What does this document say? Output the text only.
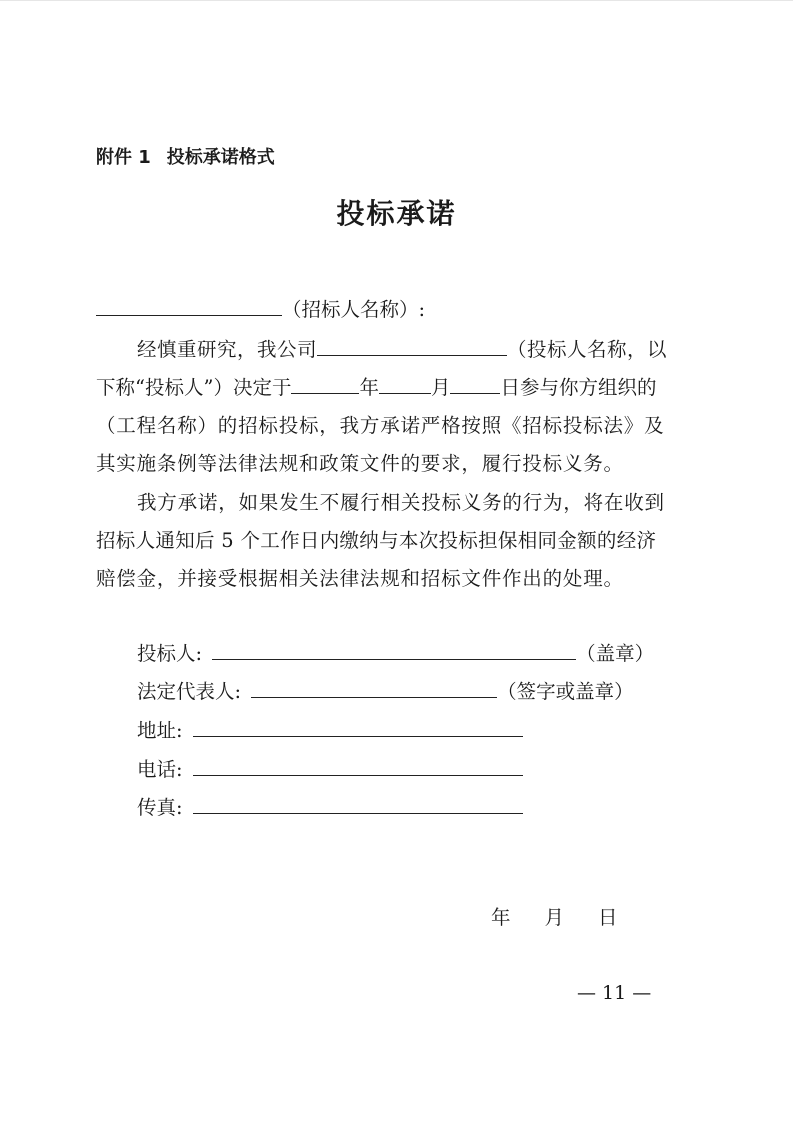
附件 1 投标承诺格式
投标承诺
（招标人名称）:
经慎重研究，我公司	（投标人名称，以
下称“投标人”）决定于	年	月	日参与你方组织的
（工程名称）的招标投标，我方承诺严格按照《招标投标法》及
其实施条例等法律法规和政策文件的要求，履行投标义务。
我方承诺，如果发生不履行相关投标义务的行为，将在收到
招标人通知后 5 个工作日内缴纳与本次投标担保相同金额的经济
赔偿金，并接受根据相关法律法规和招标文件作出的处理。
投标人:	（盖章）
法定代表人:	（签字或盖章）
地址:
电话:
传真:
年 月 日
— 11 —
